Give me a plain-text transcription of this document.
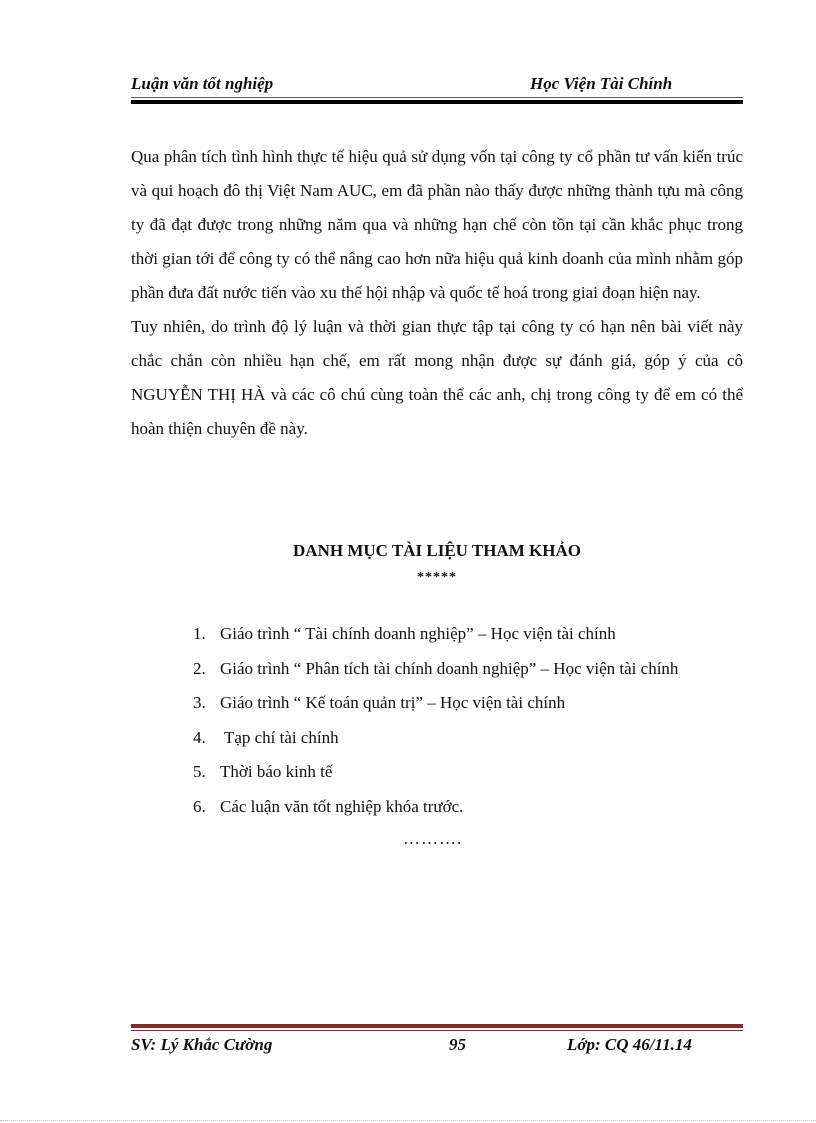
Luận văn tốt nghiệp	Học Viện Tài Chính

Qua phân tích tình hình thực tế hiệu quả sử dụng vốn tại công ty cổ phần tư vấn kiến trúc và qui hoạch đô thị Việt Nam AUC, em đã phần nào thấy được những thành tựu mà công ty đã đạt được trong những năm qua và những hạn chế còn tồn tại cần khắc phục trong thời gian tới để công ty có thể nâng cao hơn nữa hiệu quả kinh doanh của mình nhằm góp phần đưa đất nước tiến vào xu thế hội nhập và quốc tế hoá trong giai đoạn hiện nay.

Tuy nhiên, do trình độ lý luận và thời gian thực tập tại công ty có hạn nên bài viết này chắc chắn còn nhiều hạn chế, em rất mong nhận được sự đánh giá, góp ý của cô NGUYỄN THỊ HÀ và các cô chú cùng toàn thể các anh, chị trong công ty để em có thể hoàn thiện chuyên đề này.

DANH MỤC TÀI LIỆU THAM KHẢO
*****
1. Giáo trình “ Tài chính doanh nghiệp” – Học viện tài chính
2. Giáo trình “ Phân tích tài chính doanh nghiệp” – Học viện tài chính
3. Giáo trình “ Kế toán quản trị” – Học viện tài chính
4. Tạp chí tài chính
5. Thời báo kinh tế
6. Các luận văn tốt nghiệp khóa trước.
……….
SV: Lý Khắc Cường	95	Lớp: CQ 46/11.14
